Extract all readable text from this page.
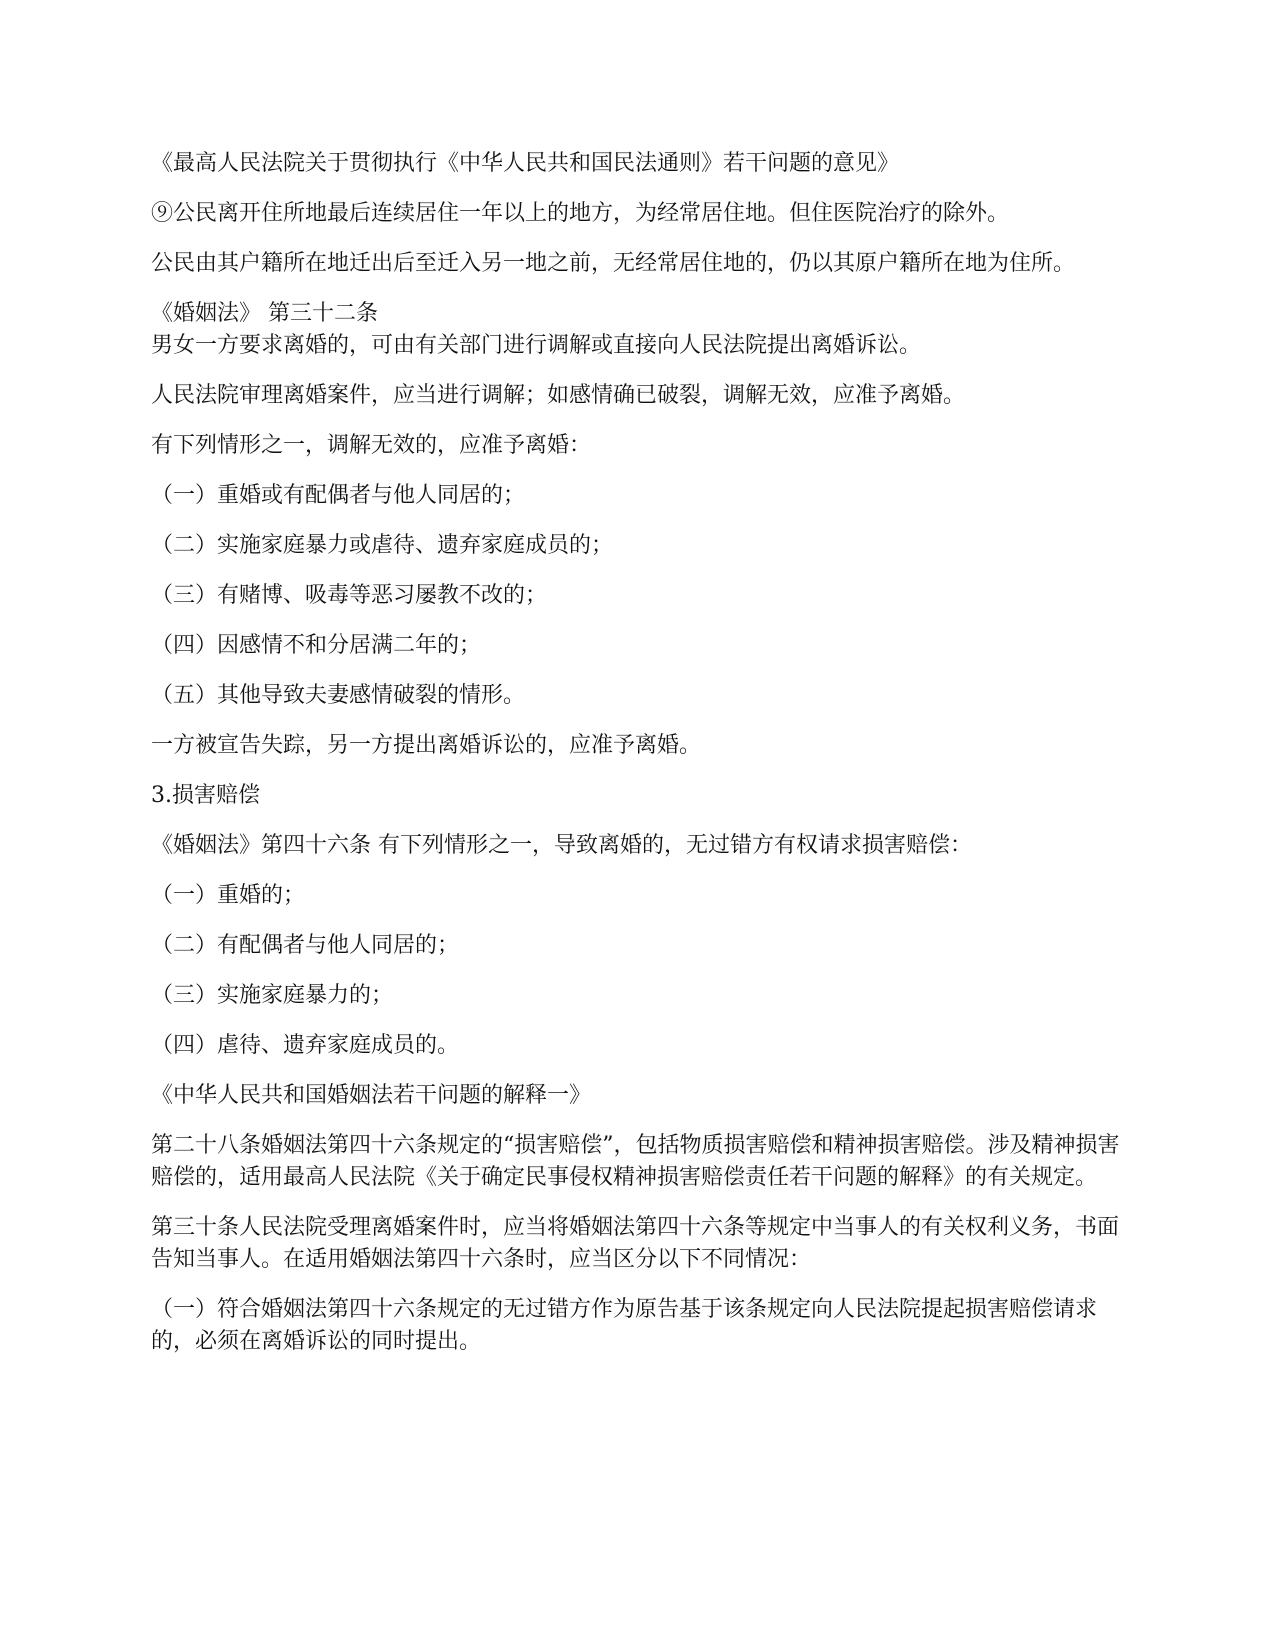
《最高人民法院关于贯彻执行《中华人民共和国民法通则》若干问题的意见》

⑨公民离开住所地最后连续居住一年以上的地方，为经常居住地。但住医院治疗的除外。

公民由其户籍所在地迁出后至迁入另一地之前，无经常居住地的，仍以其原户籍所在地为住所。

《婚姻法》 第三十二条

男女一方要求离婚的，可由有关部门进行调解或直接向人民法院提出离婚诉讼。

人民法院审理离婚案件，应当进行调解；如感情确已破裂，调解无效，应准予离婚。

有下列情形之一，调解无效的，应准予离婚：

（一）重婚或有配偶者与他人同居的；

（二）实施家庭暴力或虐待、遗弃家庭成员的；

（三）有赌博、吸毒等恶习屡教不改的；

（四）因感情不和分居满二年的；

（五）其他导致夫妻感情破裂的情形。

一方被宣告失踪，另一方提出离婚诉讼的，应准予离婚。

3.损害赔偿

《婚姻法》第四十六条 有下列情形之一，导致离婚的，无过错方有权请求损害赔偿：

（一）重婚的；

（二）有配偶者与他人同居的；

（三）实施家庭暴力的；

（四）虐待、遗弃家庭成员的。

《中华人民共和国婚姻法若干问题的解释一》

第二十八条婚姻法第四十六条规定的“损害赔偿”，包括物质损害赔偿和精神损害赔偿。涉及精神损害赔偿的，适用最高人民法院《关于确定民事侵权精神损害赔偿责任若干问题的解释》的有关规定。

第三十条人民法院受理离婚案件时，应当将婚姻法第四十六条等规定中当事人的有关权利义务，书面告知当事人。在适用婚姻法第四十六条时，应当区分以下不同情况：

（一）符合婚姻法第四十六条规定的无过错方作为原告基于该条规定向人民法院提起损害赔偿请求的，必须在离婚诉讼的同时提出。
